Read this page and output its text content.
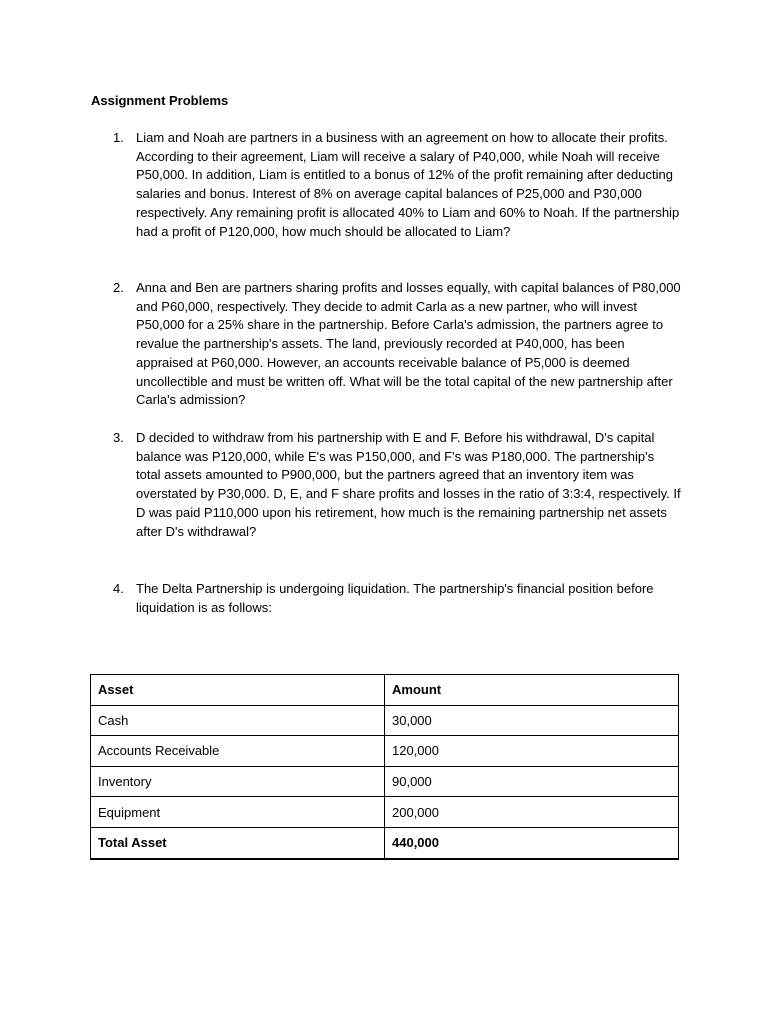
Assignment Problems
1. Liam and Noah are partners in a business with an agreement on how to allocate their profits. According to their agreement, Liam will receive a salary of P40,000, while Noah will receive P50,000. In addition, Liam is entitled to a bonus of 12% of the profit remaining after deducting salaries and bonus. Interest of 8% on average capital balances of P25,000 and P30,000 respectively. Any remaining profit is allocated 40% to Liam and 60% to Noah. If the partnership had a profit of P120,000, how much should be allocated to Liam?
2. Anna and Ben are partners sharing profits and losses equally, with capital balances of P80,000 and P60,000, respectively. They decide to admit Carla as a new partner, who will invest P50,000 for a 25% share in the partnership. Before Carla's admission, the partners agree to revalue the partnership's assets. The land, previously recorded at P40,000, has been appraised at P60,000. However, an accounts receivable balance of P5,000 is deemed uncollectible and must be written off. What will be the total capital of the new partnership after Carla's admission?
3. D decided to withdraw from his partnership with E and F. Before his withdrawal, D's capital balance was P120,000, while E's was P150,000, and F's was P180,000. The partnership's total assets amounted to P900,000, but the partners agreed that an inventory item was overstated by P30,000. D, E, and F share profits and losses in the ratio of 3:3:4, respectively. If D was paid P110,000 upon his retirement, how much is the remaining partnership net assets after D's withdrawal?
4. The Delta Partnership is undergoing liquidation. The partnership's financial position before liquidation is as follows:
Asset	Amount
Cash	30,000
Accounts Receivable	120,000
Inventory	90,000
Equipment	200,000
Total Asset	440,000
